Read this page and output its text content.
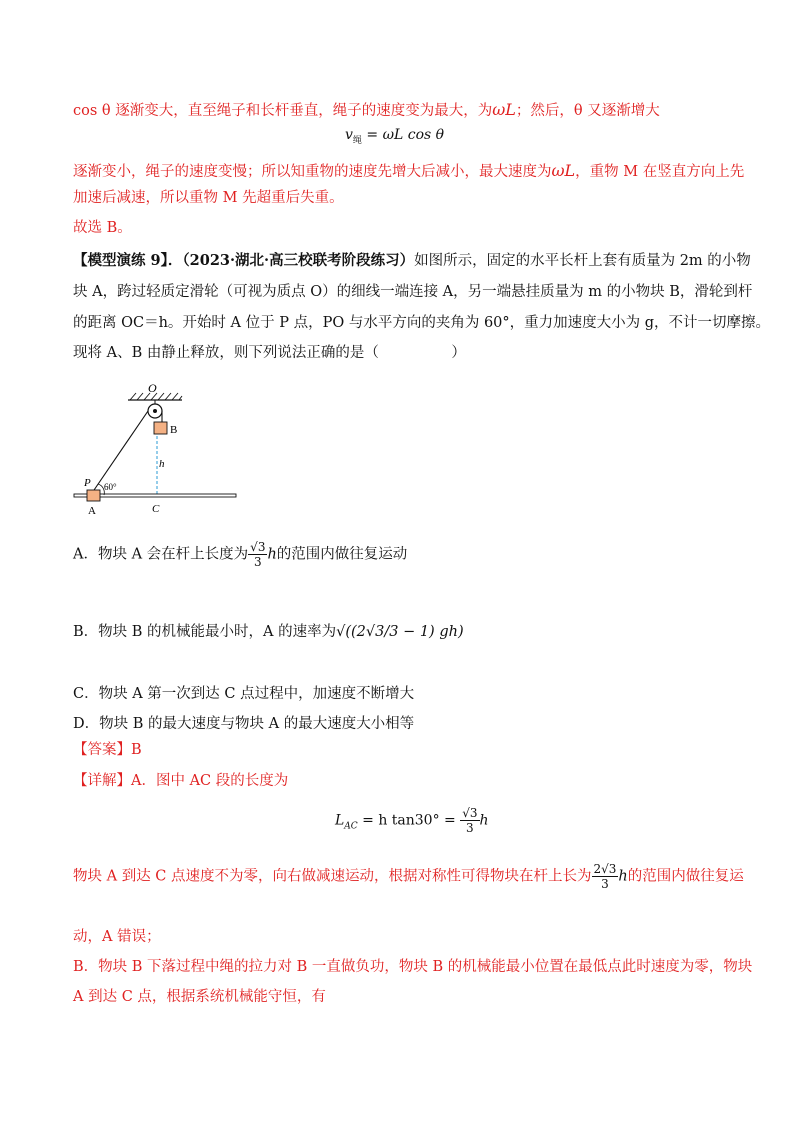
cos θ 逐渐变大，直至绳子和长杆垂直，绳子的速度变为最大，为ωL；然后，θ 又逐渐增大
$v_绳 = \omega L$ cos θ
逐渐变小，绳子的速度变慢；所以知重物的速度先增大后减小，最大速度为ωL，重物 M 在竖直方向上先
加速后减速，所以重物 M 先超重后失重。
故选 B。
【模型演练 9】．（2023·湖北·高三校联考阶段练习）如图所示，固定的水平长杆上套有质量为 2m 的小物
块 A，跨过轻质定滑轮（可视为质点 O）的细线一端连接 A，另一端悬挂质量为 m 的小物块 B，滑轮到杆
的距离 OC＝h。开始时 A 位于 P 点，PO 与水平方向的夹角为 60°，重力加速度大小为 g，不计一切摩擦。
现将 A、B 由静止释放，则下列说法正确的是（　　　　　）
O
B
h
P 60°
A	C
A．物块 A 会在杆上长度为 $\frac{√3}{3}$ h的范围内做往复运动
B．物块 B 的机械能最小时，A 的速率为√((2√3/3 − 1) gh)
C．物块 A 第一次到达 C 点过程中，加速度不断增大
D．物块 B 的最大速度与物块 A 的最大速度大小相等
【答案】B
【详解】A．图中 AC 段的长度为
$L_{AC} = h$ $\tan 30^\circ = \frac{√3}{3}$ h
物块 A 到达 C 点速度不为零，向右做减速运动，根据对称性可得物块在杆上长为 $\frac{2√3}{3}$ h的范围内做往复运
动，A 错误；
B．物块 B 下落过程中绳的拉力对 B 一直做负功，物块 B 的机械能最小位置在最低点此时速度为零，物块
A 到达 C 点，根据系统机械能守恒，有
